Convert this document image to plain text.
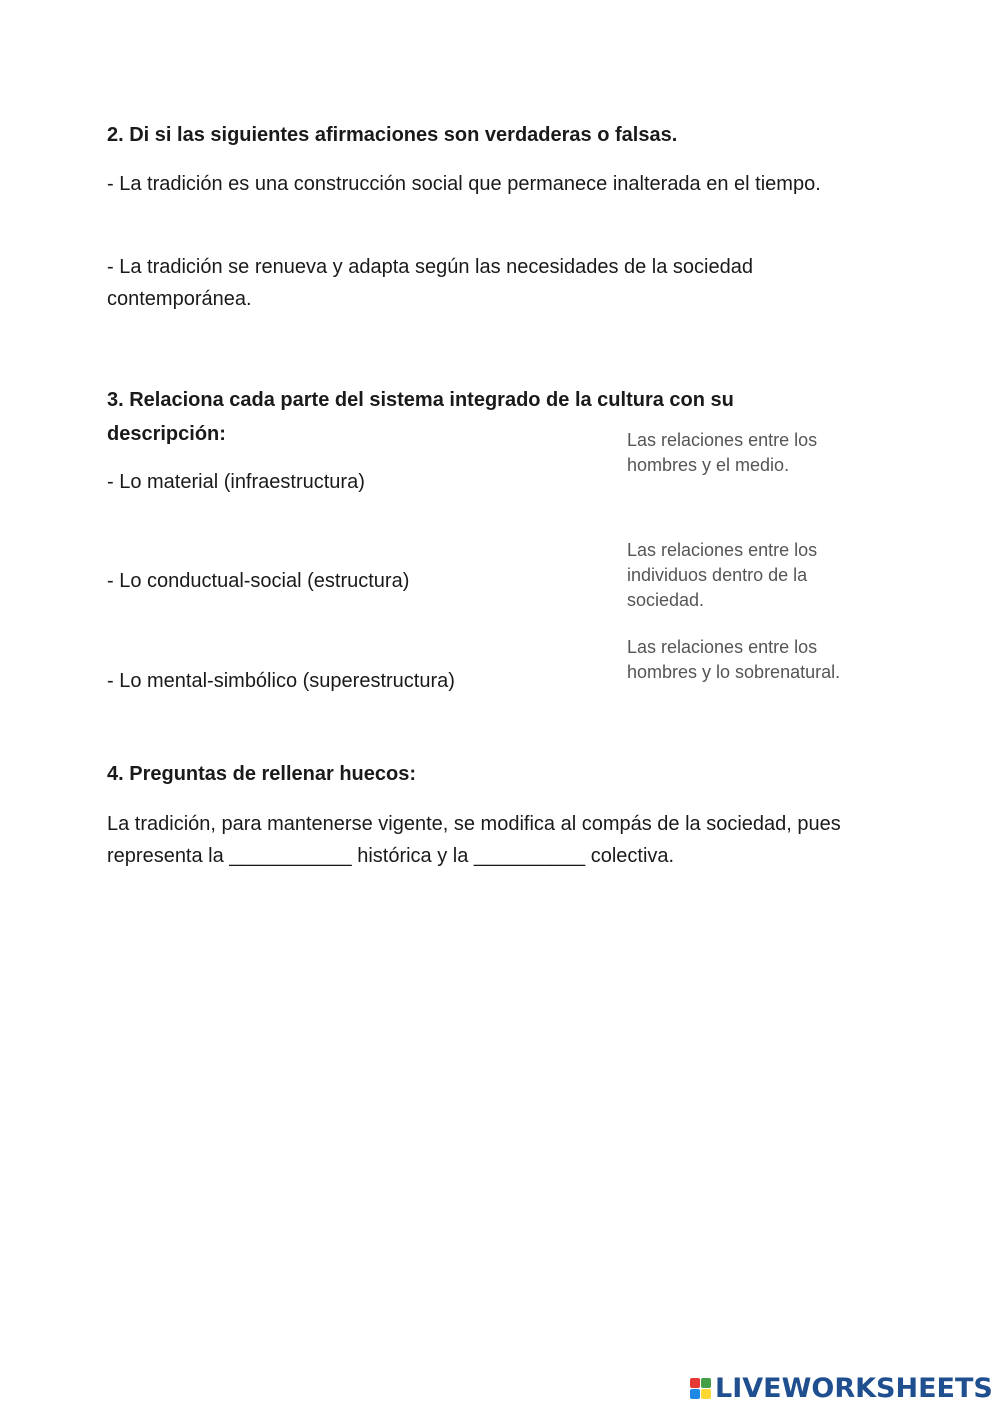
2. Di si las siguientes afirmaciones son verdaderas o falsas.
- La tradición es una construcción social que permanece inalterada en el tiempo.
- La tradición se renueva y adapta según las necesidades de la sociedad contemporánea.
3. Relaciona cada parte del sistema integrado de la cultura con su descripción:
- Lo material (infraestructura)
- Lo conductual-social (estructura)
- Lo mental-simbólico (superestructura)
Las relaciones entre los hombres y el medio.
Las relaciones entre los individuos dentro de la sociedad.
Las relaciones entre los hombres y lo sobrenatural.
4. Preguntas de rellenar huecos:
La tradición, para mantenerse vigente, se modifica al compás de la sociedad, pues representa la ___________ histórica y la __________ colectiva.
LIVEWORKSHEETS
